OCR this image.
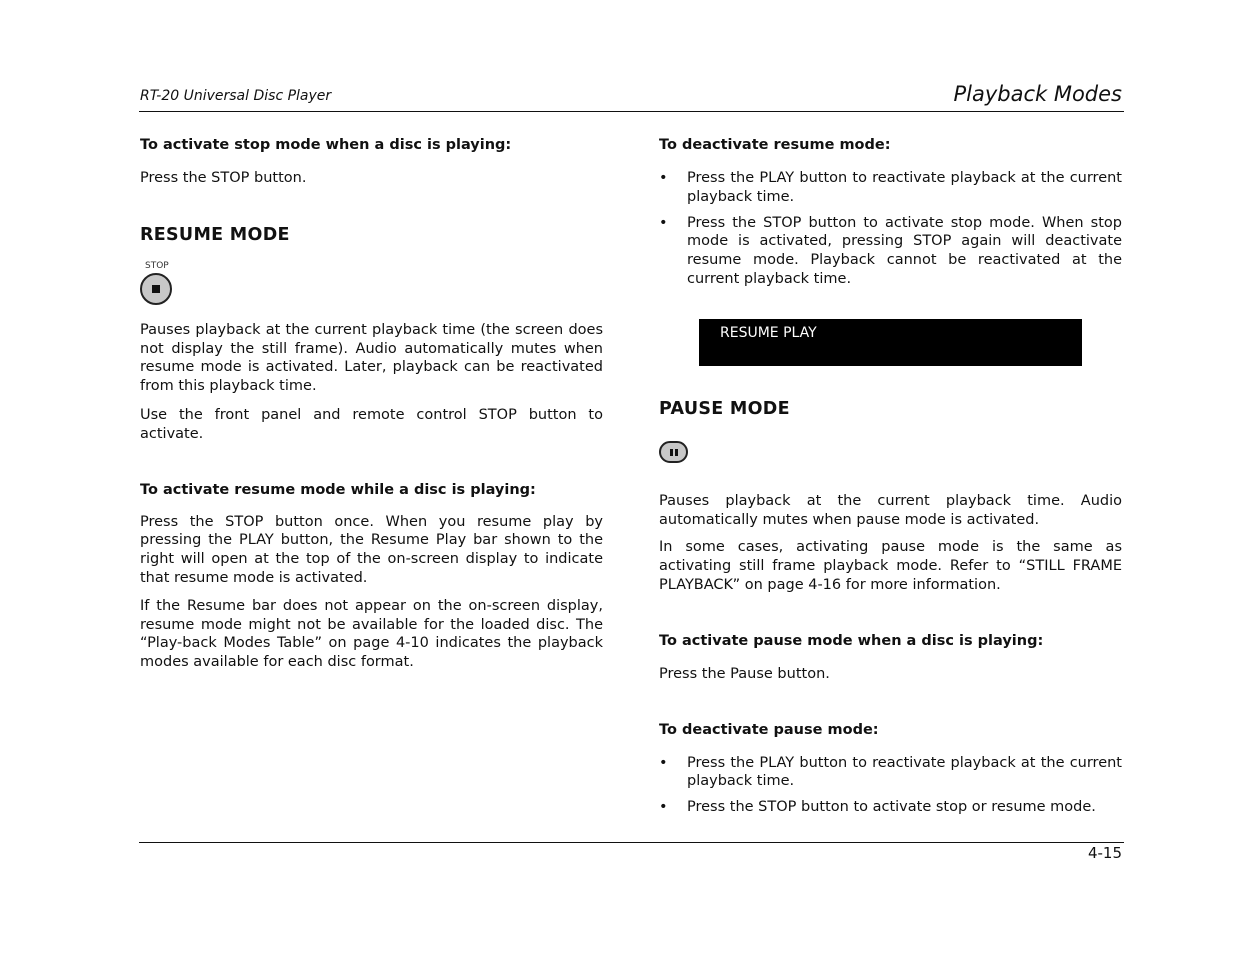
RT-20 Universal Disc Player	Playback Modes

To activate stop mode when a disc is playing:

Press the STOP button.

RESUME MODE
STOP

Pauses playback at the current playback time (the screen does not display the still frame). Audio automatically mutes when resume mode is activated. Later, playback can be reactivated from this playback time.

Use the front panel and remote control STOP button to activate.

To activate resume mode while a disc is playing:

Press the STOP button once. When you resume play by pressing the PLAY button, the Resume Play bar shown to the right will open at the top of the on-screen display to indicate that resume mode is activated.

If the Resume bar does not appear on the on-screen display, resume mode might not be available for the loaded disc. The “Play-back Modes Table” on page 4-10 indicates the playback modes available for each disc format.

To deactivate resume mode:

• Press the PLAY button to reactivate playback at the current playback time.
• Press the STOP button to activate stop mode. When stop mode is activated, pressing STOP again will deactivate resume mode. Playback cannot be reactivated at the current playback time.
RESUME PLAY
PAUSE MODE

Pauses playback at the current playback time. Audio automatically mutes when pause mode is activated.

In some cases, activating pause mode is the same as activating still frame playback mode. Refer to “STILL FRAME PLAYBACK” on page 4-16 for more information.

To activate pause mode when a disc is playing:

Press the Pause button.

To deactivate pause mode:

• Press the PLAY button to reactivate playback at the current playback time.
• Press the STOP button to activate stop or resume mode.
4-15
